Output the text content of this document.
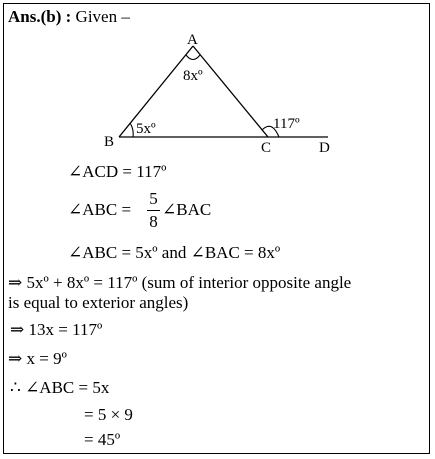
Ans.(b) : Given –
A
B	C	D
8xº
5xº	117º
∠ACD = 117º
∠ABC =
5
8
∠BAC
∠ABC = 5xº and ∠BAC = 8xº
⇒ 5xº + 8xº = 117º (sum of interior opposite angle
is equal to exterior angles)
⇒ 13x = 117º
⇒ x = 9º
∴ ∠ABC = 5x
= 5 × 9
= 45º
